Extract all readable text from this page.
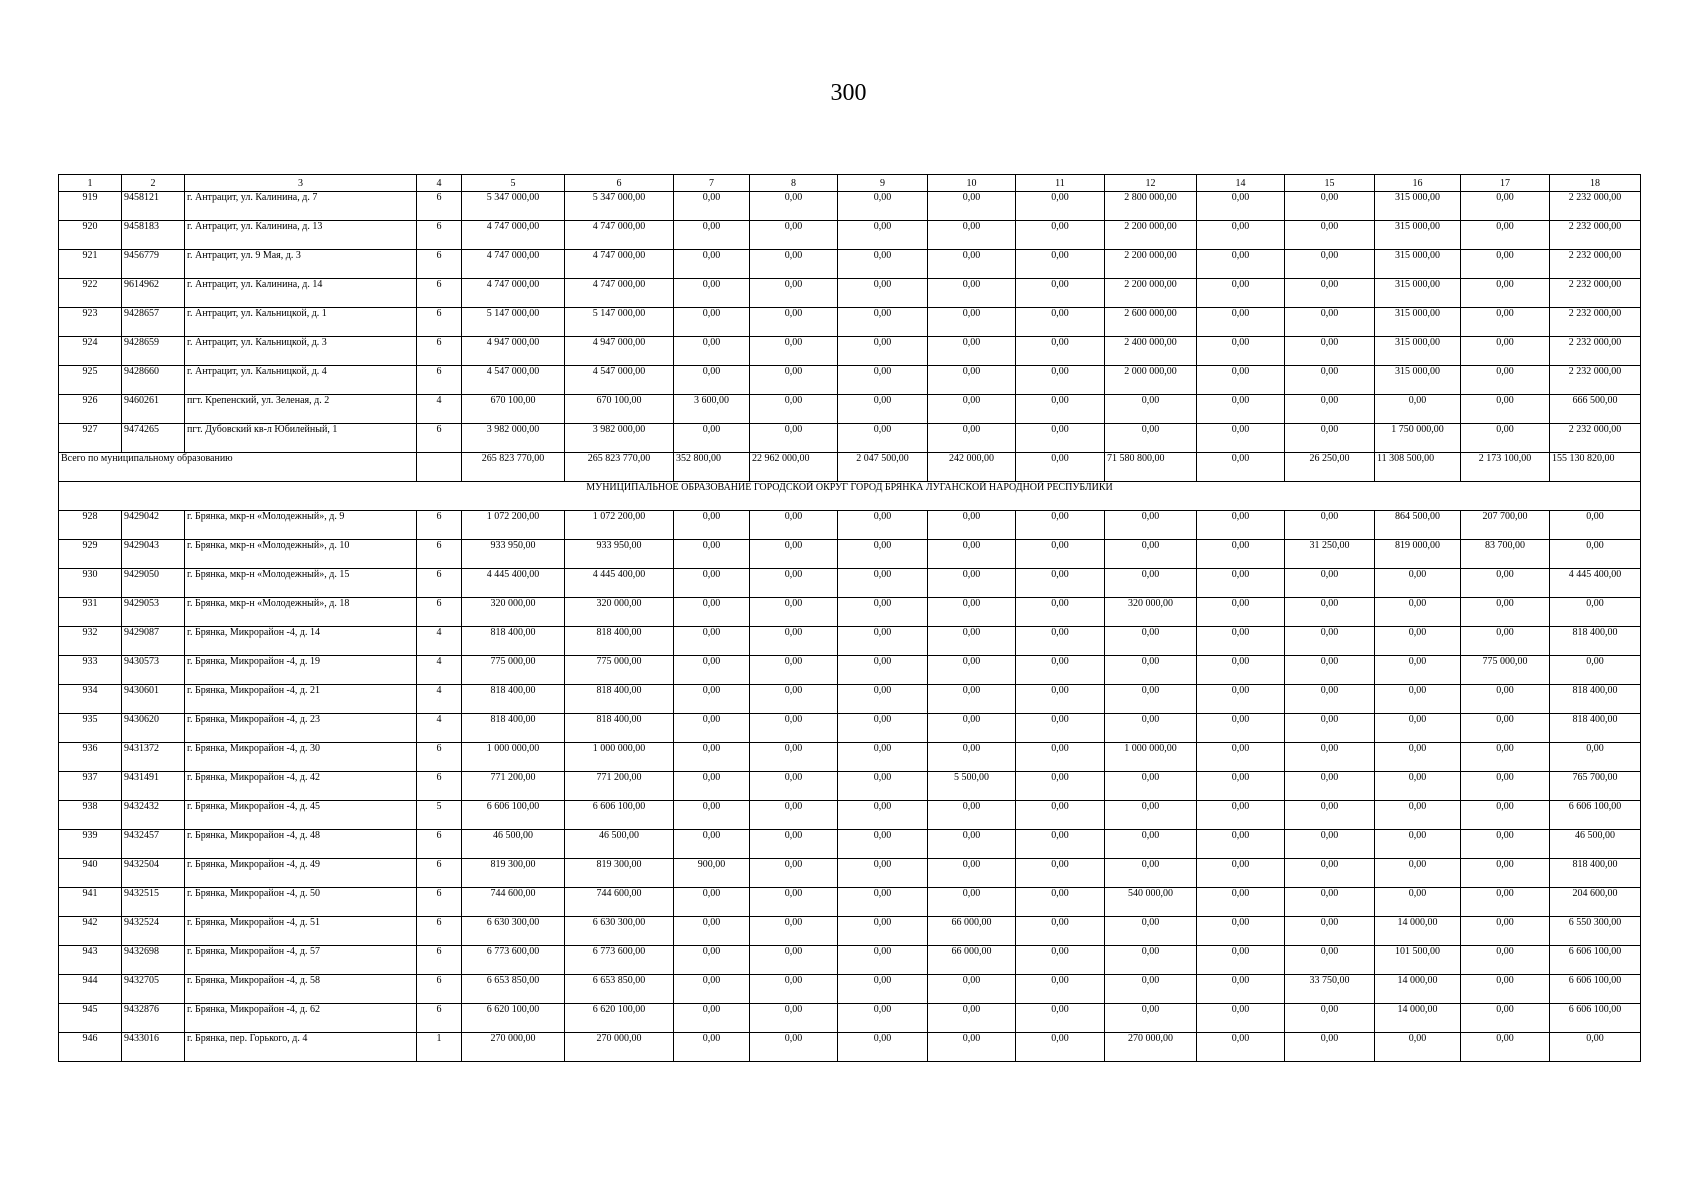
300
1	2	3	4	5	6	7	8	9	10	11	12	14	15	16	17	18
919	9458121	г. Антрацит, ул. Калинина, д. 7	6	5 347 000,00	5 347 000,00	0,00	0,00	0,00	0,00	0,00	2 800 000,00	0,00	0,00	315 000,00	0,00	2 232 000,00
920	9458183	г. Антрацит, ул. Калинина, д. 13	6	4 747 000,00	4 747 000,00	0,00	0,00	0,00	0,00	0,00	2 200 000,00	0,00	0,00	315 000,00	0,00	2 232 000,00
921	9456779	г. Антрацит, ул. 9 Мая, д. 3	6	4 747 000,00	4 747 000,00	0,00	0,00	0,00	0,00	0,00	2 200 000,00	0,00	0,00	315 000,00	0,00	2 232 000,00
922	9614962	г. Антрацит, ул. Калинина, д. 14	6	4 747 000,00	4 747 000,00	0,00	0,00	0,00	0,00	0,00	2 200 000,00	0,00	0,00	315 000,00	0,00	2 232 000,00
923	9428657	г. Антрацит, ул. Кальницкой, д. 1	6	5 147 000,00	5 147 000,00	0,00	0,00	0,00	0,00	0,00	2 600 000,00	0,00	0,00	315 000,00	0,00	2 232 000,00
924	9428659	г. Антрацит, ул. Кальницкой, д. 3	6	4 947 000,00	4 947 000,00	0,00	0,00	0,00	0,00	0,00	2 400 000,00	0,00	0,00	315 000,00	0,00	2 232 000,00
925	9428660	г. Антрацит, ул. Кальницкой, д. 4	6	4 547 000,00	4 547 000,00	0,00	0,00	0,00	0,00	0,00	2 000 000,00	0,00	0,00	315 000,00	0,00	2 232 000,00
926	9460261	пгт. Крепенский, ул. Зеленая, д. 2	4	670 100,00	670 100,00	3 600,00	0,00	0,00	0,00	0,00	0,00	0,00	0,00	0,00	0,00	666 500,00
927	9474265	пгт. Дубовский кв-л Юбилейный, 1	6	3 982 000,00	3 982 000,00	0,00	0,00	0,00	0,00	0,00	0,00	0,00	0,00	1 750 000,00	0,00	2 232 000,00
Всего по муниципальному образованию				265 823 770,00	265 823 770,00	352 800,00	22 962 000,00	2 047 500,00	242 000,00	0,00	71 580 800,00	0,00	26 250,00	11 308 500,00	2 173 100,00	155 130 820,00
МУНИЦИПАЛЬНОЕ ОБРАЗОВАНИЕ ГОРОДСКОЙ ОКРУГ ГОРОД БРЯНКА ЛУГАНСКОЙ НАРОДНОЙ РЕСПУБЛИКИ																
928	9429042	г. Брянка, мкр-н «Молодежный», д. 9	6	1 072 200,00	1 072 200,00	0,00	0,00	0,00	0,00	0,00	0,00	0,00	0,00	864 500,00	207 700,00	0,00
929	9429043	г. Брянка, мкр-н «Молодежный», д. 10	6	933 950,00	933 950,00	0,00	0,00	0,00	0,00	0,00	0,00	0,00	31 250,00	819 000,00	83 700,00	0,00
930	9429050	г. Брянка, мкр-н «Молодежный», д. 15	6	4 445 400,00	4 445 400,00	0,00	0,00	0,00	0,00	0,00	0,00	0,00	0,00	0,00	0,00	4 445 400,00
931	9429053	г. Брянка, мкр-н «Молодежный», д. 18	6	320 000,00	320 000,00	0,00	0,00	0,00	0,00	0,00	320 000,00	0,00	0,00	0,00	0,00	0,00
932	9429087	г. Брянка, Микрорайон -4, д. 14	4	818 400,00	818 400,00	0,00	0,00	0,00	0,00	0,00	0,00	0,00	0,00	0,00	0,00	818 400,00
933	9430573	г. Брянка, Микрорайон -4, д. 19	4	775 000,00	775 000,00	0,00	0,00	0,00	0,00	0,00	0,00	0,00	0,00	0,00	775 000,00	0,00
934	9430601	г. Брянка, Микрорайон -4, д. 21	4	818 400,00	818 400,00	0,00	0,00	0,00	0,00	0,00	0,00	0,00	0,00	0,00	0,00	818 400,00
935	9430620	г. Брянка, Микрорайон -4, д. 23	4	818 400,00	818 400,00	0,00	0,00	0,00	0,00	0,00	0,00	0,00	0,00	0,00	0,00	818 400,00
936	9431372	г. Брянка, Микрорайон -4, д. 30	6	1 000 000,00	1 000 000,00	0,00	0,00	0,00	0,00	0,00	1 000 000,00	0,00	0,00	0,00	0,00	0,00
937	9431491	г. Брянка, Микрорайон -4, д. 42	6	771 200,00	771 200,00	0,00	0,00	0,00	5 500,00	0,00	0,00	0,00	0,00	0,00	0,00	765 700,00
938	9432432	г. Брянка, Микрорайон -4, д. 45	5	6 606 100,00	6 606 100,00	0,00	0,00	0,00	0,00	0,00	0,00	0,00	0,00	0,00	0,00	6 606 100,00
939	9432457	г. Брянка, Микрорайон -4, д. 48	6	46 500,00	46 500,00	0,00	0,00	0,00	0,00	0,00	0,00	0,00	0,00	0,00	0,00	46 500,00
940	9432504	г. Брянка, Микрорайон -4, д. 49	6	819 300,00	819 300,00	900,00	0,00	0,00	0,00	0,00	0,00	0,00	0,00	0,00	0,00	818 400,00
941	9432515	г. Брянка, Микрорайон -4, д. 50	6	744 600,00	744 600,00	0,00	0,00	0,00	0,00	0,00	540 000,00	0,00	0,00	0,00	0,00	204 600,00
942	9432524	г. Брянка, Микрорайон -4, д. 51	6	6 630 300,00	6 630 300,00	0,00	0,00	0,00	66 000,00	0,00	0,00	0,00	0,00	14 000,00	0,00	6 550 300,00
943	9432698	г. Брянка, Микрорайон -4, д. 57	6	6 773 600,00	6 773 600,00	0,00	0,00	0,00	66 000,00	0,00	0,00	0,00	0,00	101 500,00	0,00	6 606 100,00
944	9432705	г. Брянка, Микрорайон -4, д. 58	6	6 653 850,00	6 653 850,00	0,00	0,00	0,00	0,00	0,00	0,00	0,00	33 750,00	14 000,00	0,00	6 606 100,00
945	9432876	г. Брянка, Микрорайон -4, д. 62	6	6 620 100,00	6 620 100,00	0,00	0,00	0,00	0,00	0,00	0,00	0,00	0,00	14 000,00	0,00	6 606 100,00
946	9433016	г. Брянка, пер. Горького, д. 4	1	270 000,00	270 000,00	0,00	0,00	0,00	0,00	0,00	270 000,00	0,00	0,00	0,00	0,00	0,00
